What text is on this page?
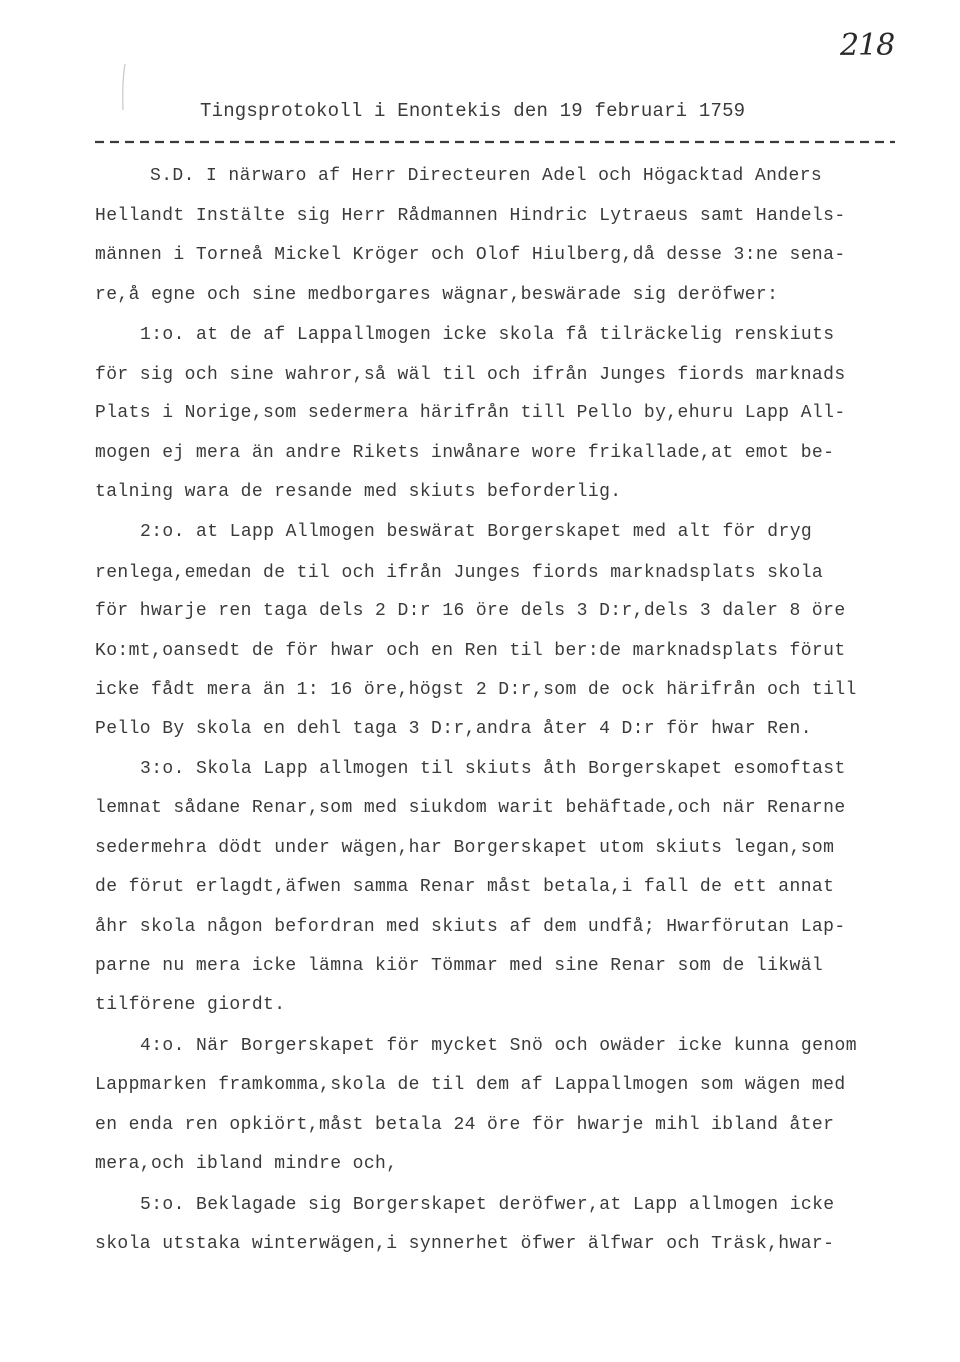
218
Tingsprotokoll i Enontekis den 19 februari 1759
S.D. I närwaro af Herr Directeuren Adel och Högacktad Anders
Hellandt Instälte sig Herr Rådmannen Hindric Lytraeus samt Handels-
männen i Torneå Mickel Kröger och Olof Hiulberg,då desse 3:ne sena-
re,å egne och sine medborgares wägnar,beswärade sig deröfwer:
1:o. at de af Lappallmogen icke skola få tilräckelig renskiuts
för sig och sine wahror,så wäl til och ifrån Junges fiords marknads
Plats i Norige,som sedermera härifrån till Pello by,ehuru Lapp All-
mogen ej mera än andre Rikets inwånare wore frikallade,at emot be-
talning wara de resande med skiuts beforderlig.
2:o. at Lapp Allmogen beswärat Borgerskapet med alt för dryg
renlega,emedan de til och ifrån Junges fiords marknadsplats skola
för hwarje ren taga dels 2 D:r 16 öre dels 3 D:r,dels 3 daler 8 öre
Ko:mt,oansedt de för hwar och en Ren til ber:de marknadsplats förut
icke fådt mera än 1: 16 öre,högst 2 D:r,som de ock härifrån och till
Pello By skola en dehl taga 3 D:r,andra åter 4 D:r för hwar Ren.
3:o. Skola Lapp allmogen til skiuts åth Borgerskapet esomoftast
lemnat sådane Renar,som med siukdom warit behäftade,och när Renarne
sedermehra dödt under wägen,har Borgerskapet utom skiuts legan,som
de förut erlagdt,äfwen samma Renar måst betala,i fall de ett annat
åhr skola någon befordran med skiuts af dem undfå; Hwarförutan Lap-
parne nu mera icke lämna kiör Tömmar med sine Renar som de likwäl
tilförene giordt.
4:o. När Borgerskapet för mycket Snö och owäder icke kunna genom
Lappmarken framkomma,skola de til dem af Lappallmogen som wägen med
en enda ren opkiört,måst betala 24 öre för hwarje mihl ibland åter
mera,och ibland mindre och,
5:o. Beklagade sig Borgerskapet deröfwer,at Lapp allmogen icke
skola utstaka winterwägen,i synnerhet öfwer älfwar och Träsk,hwar-
